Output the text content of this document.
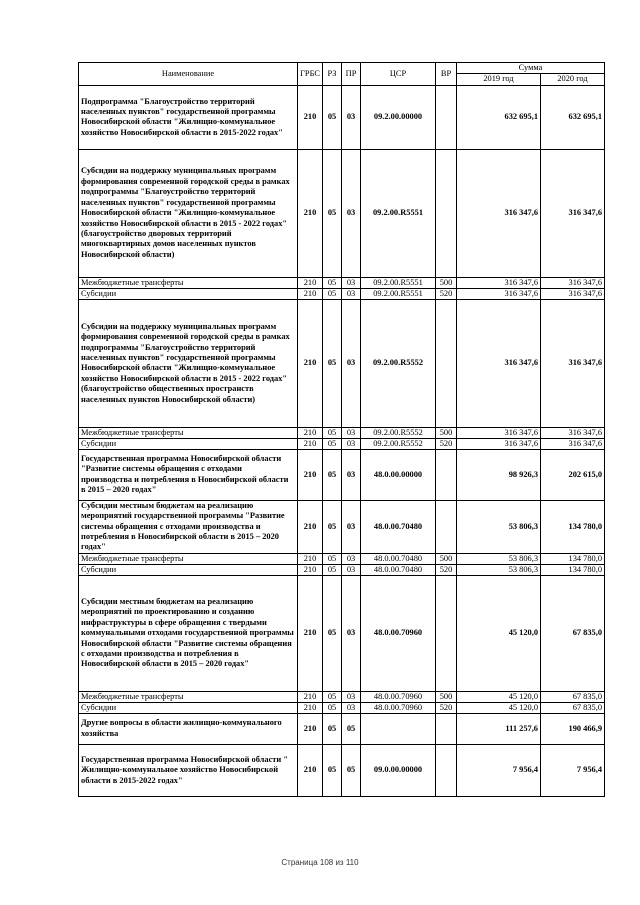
Наименование	ГРБС	РЗ	ПР	ЦСР	ВР	Сумма	
						2019 год	2020 год
Подпрограмма "Благоустройство территорий населенных пунктов" государственной программы Новосибирской области "Жилищно-коммунальное хозяйство Новосибирской области в 2015-2022 годах"	210	05	03	09.2.00.00000		632 695,1	632 695,1
Субсидии на поддержку муниципальных программ формирования современной городской среды в рамках подпрограммы "Благоустройство территорий населенных пунктов" государственной программы Новосибирской области "Жилищно-коммунальное хозяйство Новосибирской области в 2015 - 2022 годах" (благоустройство дворовых территорий многоквартирных домов населенных пунктов Новосибирской области)	210	05	03	09.2.00.R5551		316 347,6	316 347,6
Межбюджетные трансферты	210	05	03	09.2.00.R5551	500	316 347,6	316 347,6
Субсидии	210	05	03	09.2.00.R5551	520	316 347,6	316 347,6
Субсидии на поддержку муниципальных программ формирования современной городской среды в рамках подпрограммы "Благоустройство территорий населенных пунктов" государственной программы Новосибирской области "Жилищно-коммунальное хозяйство Новосибирской области в 2015 - 2022 годах" (благоустройство общественных пространств населенных пунктов Новосибирской области)	210	05	03	09.2.00.R5552		316 347,6	316 347,6
Межбюджетные трансферты	210	05	03	09.2.00.R5552	500	316 347,6	316 347,6
Субсидии	210	05	03	09.2.00.R5552	520	316 347,6	316 347,6
Государственная программа Новосибирской области "Развитие системы обращения с отходами производства и потребления в Новосибирской области в 2015 – 2020 годах"	210	05	03	48.0.00.00000		98 926,3	202 615,0
Субсидии местным бюджетам на реализацию мероприятий государственной программы "Развитие системы обращения с отходами производства и потребления в Новосибирской области в 2015 – 2020 годах"	210	05	03	48.0.00.70480		53 806,3	134 780,0
Межбюджетные трансферты	210	05	03	48.0.00.70480	500	53 806,3	134 780,0
Субсидии	210	05	03	48.0.00.70480	520	53 806,3	134 780,0
Субсидии местным бюджетам на реализацию мероприятий по проектированию и созданию инфраструктуры в сфере обращения с твердыми коммунальными отходами государственной программы Новосибирской области "Развитие системы обращения с отходами производства и потребления в Новосибирской области в 2015 – 2020 годах"	210	05	03	48.0.00.70960		45 120,0	67 835,0
Межбюджетные трансферты	210	05	03	48.0.00.70960	500	45 120,0	67 835,0
Субсидии	210	05	03	48.0.00.70960	520	45 120,0	67 835,0
Другие вопросы в области жилищно-коммунального хозяйства	210	05	05			111 257,6	190 466,9
Государственная программа Новосибирской области " Жилищно-коммунальное хозяйство Новосибирской области в 2015-2022 годах"	210	05	05	09.0.00.00000		7 956,4	7 956,4
Страница 108 из 110
